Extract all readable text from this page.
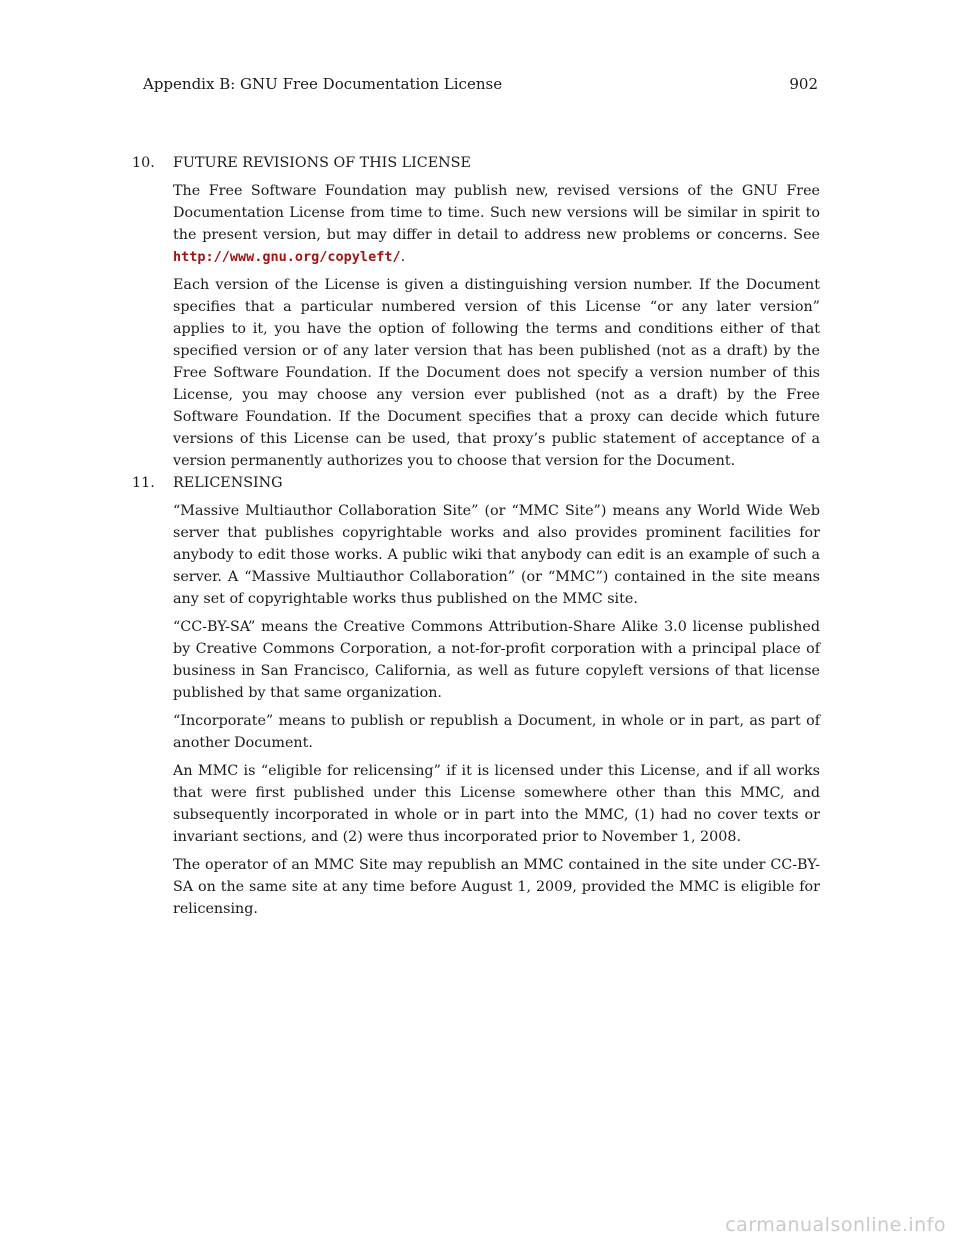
Appendix B: GNU Free Documentation License	902
10.	FUTURE REVISIONS OF THIS LICENSE

The Free Software Foundation may publish new, revised versions of the GNU Free Documentation License from time to time. Such new versions will be similar in spirit to the present version, but may differ in detail to address new problems or concerns. See http://www.gnu.org/copyleft/.

Each version of the License is given a distinguishing version number. If the Document specifies that a particular numbered version of this License “or any later version” applies to it, you have the option of following the terms and conditions either of that specified version or of any later version that has been published (not as a draft) by the Free Software Foundation. If the Document does not specify a version number of this License, you may choose any version ever published (not as a draft) by the Free Software Foundation. If the Document specifies that a proxy can decide which future versions of this License can be used, that proxy’s public statement of acceptance of a version permanently authorizes you to choose that version for the Document.

11.	RELICENSING

“Massive Multiauthor Collaboration Site” (or “MMC Site”) means any World Wide Web server that publishes copyrightable works and also provides prominent facilities for anybody to edit those works. A public wiki that anybody can edit is an example of such a server. A “Massive Multiauthor Collaboration” (or “MMC”) contained in the site means any set of copyrightable works thus published on the MMC site.

“CC-BY-SA” means the Creative Commons Attribution-Share Alike 3.0 license published by Creative Commons Corporation, a not-for-profit corporation with a principal place of business in San Francisco, California, as well as future copyleft versions of that license published by that same organization.

“Incorporate” means to publish or republish a Document, in whole or in part, as part of another Document.

An MMC is “eligible for relicensing” if it is licensed under this License, and if all works that were first published under this License somewhere other than this MMC, and subsequently incorporated in whole or in part into the MMC, (1) had no cover texts or invariant sections, and (2) were thus incorporated prior to November 1, 2008.

The operator of an MMC Site may republish an MMC contained in the site under CC-BY-SA on the same site at any time before August 1, 2009, provided the MMC is eligible for relicensing.

carmanualsonline.info
